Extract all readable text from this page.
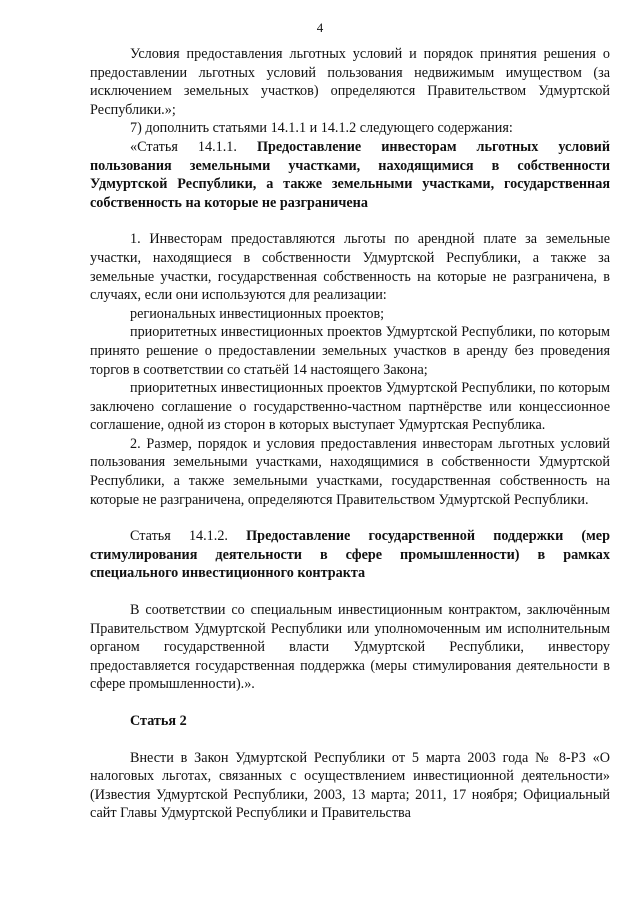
4

Условия предоставления льготных условий и порядок принятия решения о предоставлении льготных условий пользования недвижимым имуществом (за исключением земельных участков) определяются Правительством Удмуртской Республики.»;

7) дополнить статьями 14.1.1 и 14.1.2 следующего содержания:

«Статья 14.1.1. Предоставление инвесторам льготных условий пользования земельными участками, находящимися в собственности Удмуртской Республики, а также земельными участками, государственная собственность на которые не разграничена

1. Инвесторам предоставляются льготы по арендной плате за земельные участки, находящиеся в собственности Удмуртской Республики, а также за земельные участки, государственная собственность на которые не разграничена, в случаях, если они используются для реализации:

региональных инвестиционных проектов;

приоритетных инвестиционных проектов Удмуртской Республики, по которым принято решение о предоставлении земельных участков в аренду без проведения торгов в соответствии со статьёй 14 настоящего Закона;

приоритетных инвестиционных проектов Удмуртской Республики, по которым заключено соглашение о государственно-частном партнёрстве или концессионное соглашение, одной из сторон в которых выступает Удмуртская Республика.

2. Размер, порядок и условия предоставления инвесторам льготных условий пользования земельными участками, находящимися в собственности Удмуртской Республики, а также земельными участками, государственная собственность на которые не разграничена, определяются Правительством Удмуртской Республики.

Статья 14.1.2. Предоставление государственной поддержки (мер стимулирования деятельности в сфере промышленности) в рамках специального инвестиционного контракта

В соответствии со специальным инвестиционным контрактом, заключённым Правительством Удмуртской Республики или уполномоченным им исполнительным органом государственной власти Удмуртской Республики, инвестору предоставляется государственная поддержка (меры стимулирования деятельности в сфере промышленности).».

Статья 2

Внести в Закон Удмуртской Республики от 5 марта 2003 года № 8-РЗ «О налоговых льготах, связанных с осуществлением инвестиционной деятельности» (Известия Удмуртской Республики, 2003, 13 марта; 2011, 17 ноября; Официальный сайт Главы Удмуртской Республики и Правительства
